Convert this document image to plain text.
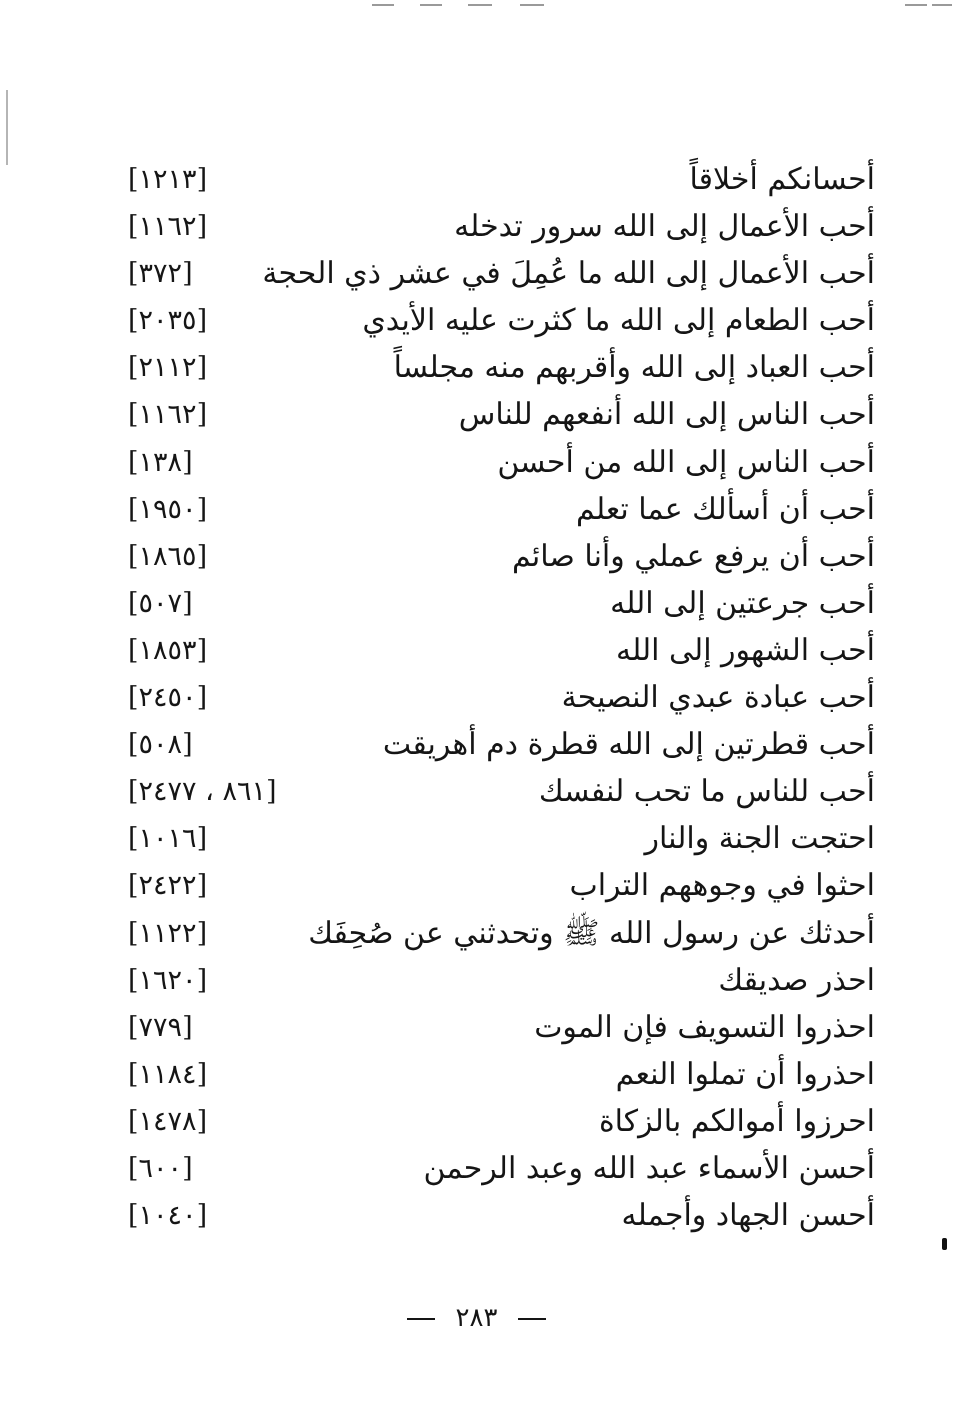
أحسانكم أخلاقاً
[١٢١٣]
أحب الأعمال إلى الله سرور تدخله
[١١٦٢]
أحب الأعمال إلى الله ما عُمِلَ في عشر ذي الحجة
[٣٧٢]
أحب الطعام إلى الله ما كثرت عليه الأيدي
[٢٠٣٥]
أحب العباد إلى الله وأقربهم منه مجلساً
[٢١١٢]
أحب الناس إلى الله أنفعهم للناس
[١١٦٢]
أحب الناس إلى الله من أحسن
[١٣٨]
أحب أن أسألك عما تعلم
[١٩٥٠]
أحب أن يرفع عملي وأنا صائم
[١٨٦٥]
أحب جرعتين إلى الله
[٥٠٧]
أحب الشهور إلى الله
[١٨٥٣]
أحب عبادة عبدي النصيحة
[٢٤٥٠]
أحب قطرتين إلى الله قطرة دم أهريقت
[٥٠٨]
أحب للناس ما تحب لنفسك
[٨٦١ ، ٢٤٧٧]
احتجت الجنة والنار
[١٠١٦]
احثوا في وجوههم التراب
[٢٤٢٢]
أحدثك عن رسول الله ﷺ وتحدثني عن صُحِفَك
[١١٢٢]
احذر صديقك
[١٦٢٠]
احذروا التسويف فإن الموت
[٧٧٩]
احذروا أن تملوا النعم
[١١٨٤]
احرزوا أموالكم بالزكاة
[١٤٧٨]
أحسن الأسماء عبد الله وعبد الرحمن
[٦٠٠]
أحسن الجهاد وأجمله
[١٠٤٠]
٢٨٣
